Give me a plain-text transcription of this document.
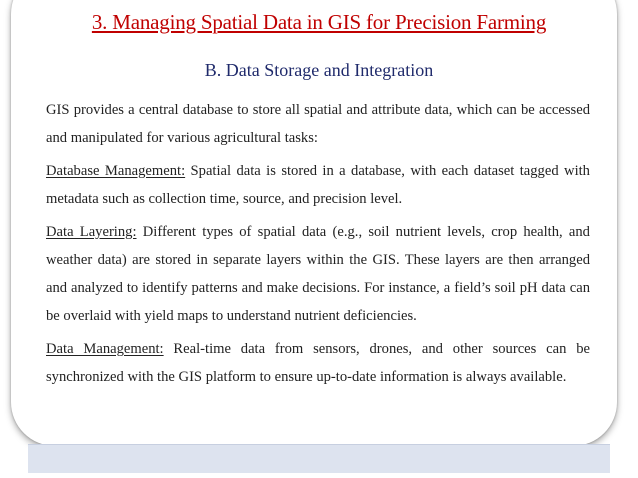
3. Managing Spatial Data in GIS for Precision Farming
B. Data Storage and Integration

GIS provides a central database to store all spatial and attribute data, which can be accessed and manipulated for various agricultural tasks:

Database Management: Spatial data is stored in a database, with each dataset tagged with metadata such as collection time, source, and precision level.

Data Layering: Different types of spatial data (e.g., soil nutrient levels, crop health, and weather data) are stored in separate layers within the GIS. These layers are then arranged and analyzed to identify patterns and make decisions. For instance, a field’s soil pH data can be overlaid with yield maps to understand nutrient deficiencies.

Data Management: Real-time data from sensors, drones, and other sources can be synchronized with the GIS platform to ensure up-to-date information is always available.
